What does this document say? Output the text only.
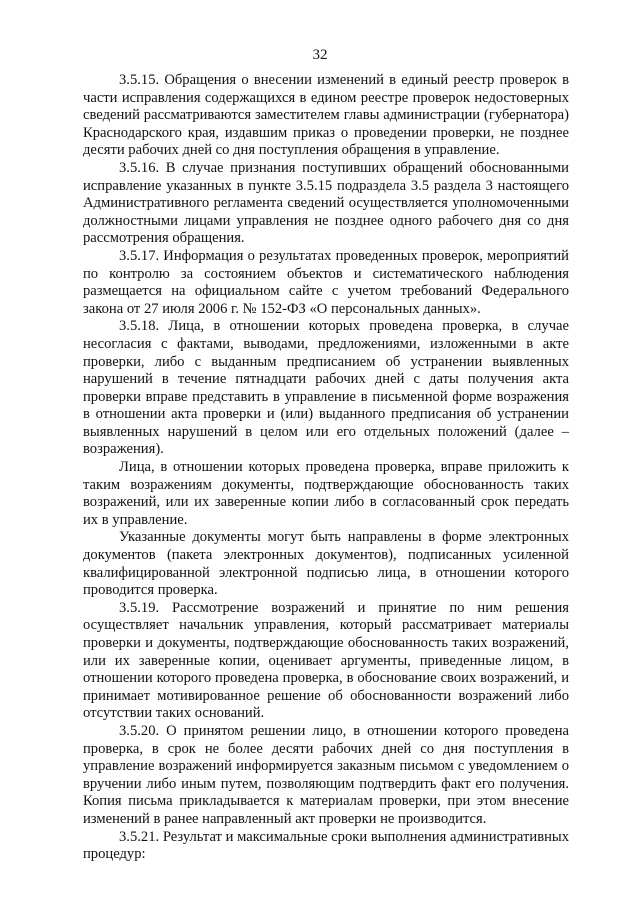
32

3.5.15. Обращения о внесении изменений в единый реестр проверок в части исправления содержащихся в едином реестре проверок недостоверных сведений рассматриваются заместителем главы администрации (губернатора) Краснодарского края, издавшим приказ о проведении проверки, не позднее десяти рабочих дней со дня поступления обращения в управление.

3.5.16. В случае признания поступивших обращений обоснованными исправление указанных в пункте 3.5.15 подраздела 3.5 раздела 3 настоящего Административного регламента сведений осуществляется уполномоченными должностными лицами управления не позднее одного рабочего дня со дня рассмотрения обращения.

3.5.17. Информация о результатах проведенных проверок, мероприятий по контролю за состоянием объектов и систематического наблюдения размещается на официальном сайте с учетом требований Федерального закона от 27 июля 2006 г. № 152-ФЗ «О персональных данных».

3.5.18. Лица, в отношении которых проведена проверка, в случае несогласия с фактами, выводами, предложениями, изложенными в акте проверки, либо с выданным предписанием об устранении выявленных нарушений в течение пятнадцати рабочих дней с даты получения акта проверки вправе представить в управление в письменной форме возражения в отношении акта проверки и (или) выданного предписания об устранении выявленных нарушений в целом или его отдельных положений (далее – возражения).

Лица, в отношении которых проведена проверка, вправе приложить к таким возражениям документы, подтверждающие обоснованность таких возражений, или их заверенные копии либо в согласованный срок передать их в управление.

Указанные документы могут быть направлены в форме электронных документов (пакета электронных документов), подписанных усиленной квалифицированной электронной подписью лица, в отношении которого проводится проверка.

3.5.19. Рассмотрение возражений и принятие по ним решения осуществляет начальник управления, который рассматривает материалы проверки и документы, подтверждающие обоснованность таких возражений, или их заверенные копии, оценивает аргументы, приведенные лицом, в отношении которого проведена проверка, в обоснование своих возражений, и принимает мотивированное решение об обоснованности возражений либо отсутствии таких оснований.

3.5.20. О принятом решении лицо, в отношении которого проведена проверка, в срок не более десяти рабочих дней со дня поступления в управление возражений информируется заказным письмом с уведомлением о вручении либо иным путем, позволяющим подтвердить факт его получения. Копия письма прикладывается к материалам проверки, при этом внесение изменений в ранее направленный акт проверки не производится.

3.5.21. Результат и максимальные сроки выполнения административных процедур:
